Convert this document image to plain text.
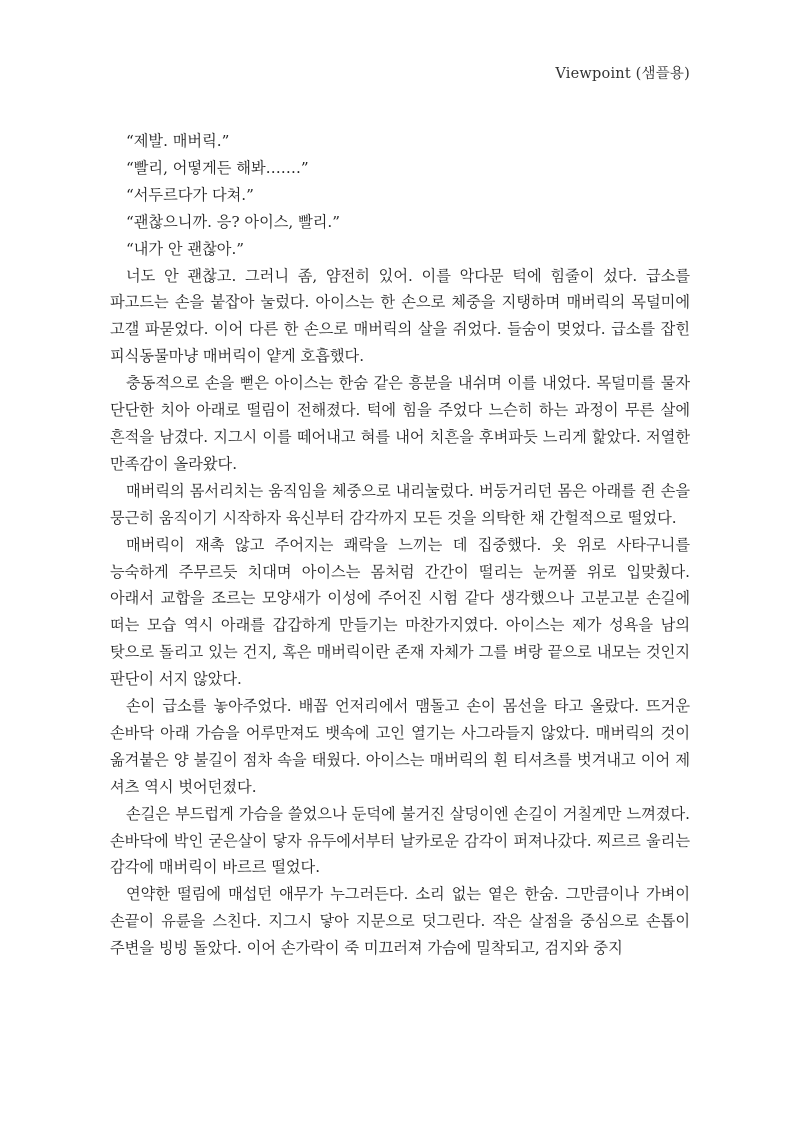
Viewpoint (샘플용)

“제발. 매버릭.”

“빨리, 어떻게든 해봐…….”

“서두르다가 다쳐.”

“괜찮으니까. 응? 아이스, 빨리.”

“내가 안 괜찮아.”

너도 안 괜찮고. 그러니 좀, 얌전히 있어. 이를 악다문 턱에 힘줄이 섰다. 급소를 파고드는 손을 붙잡아 눌렀다. 아이스는 한 손으로 체중을 지탱하며 매버릭의 목덜미에 고갤 파묻었다. 이어 다른 한 손으로 매버릭의 살을 쥐었다. 들숨이 멎었다. 급소를 잡힌 피식동물마냥 매버릭이 얕게 호흡했다.

충동적으로 손을 뻗은 아이스는 한숨 같은 흥분을 내쉬며 이를 내었다. 목덜미를 물자 단단한 치아 아래로 떨림이 전해졌다. 턱에 힘을 주었다 느슨히 하는 과정이 무른 살에 흔적을 남겼다. 지그시 이를 떼어내고 혀를 내어 치흔을 후벼파듯 느리게 핥았다. 저열한 만족감이 올라왔다.

매버릭의 몸서리치는 움직임을 체중으로 내리눌렀다. 버둥거리던 몸은 아래를 쥔 손을 뭉근히 움직이기 시작하자 육신부터 감각까지 모든 것을 의탁한 채 간헐적으로 떨었다.

매버릭이 재촉 않고 주어지는 쾌락을 느끼는 데 집중했다. 옷 위로 사타구니를 능숙하게 주무르듯 치대며 아이스는 몸처럼 간간이 떨리는 눈꺼풀 위로 입맞췄다. 아래서 교합을 조르는 모양새가 이성에 주어진 시험 같다 생각했으나 고분고분 손길에 떠는 모습 역시 아래를 갑갑하게 만들기는 마찬가지였다. 아이스는 제가 성욕을 남의 탓으로 돌리고 있는 건지, 혹은 매버릭이란 존재 자체가 그를 벼랑 끝으로 내모는 것인지 판단이 서지 않았다.

손이 급소를 놓아주었다. 배꼽 언저리에서 맴돌고 손이 몸선을 타고 올랐다. 뜨거운 손바닥 아래 가슴을 어루만져도 뱃속에 고인 열기는 사그라들지 않았다. 매버릭의 것이 옮겨붙은 양 불길이 점차 속을 태웠다. 아이스는 매버릭의 흰 티셔츠를 벗겨내고 이어 제 셔츠 역시 벗어던졌다.

손길은 부드럽게 가슴을 쓸었으나 둔덕에 불거진 살덩이엔 손길이 거칠게만 느껴졌다. 손바닥에 박인 굳은살이 닿자 유두에서부터 날카로운 감각이 퍼져나갔다. 찌르르 울리는 감각에 매버릭이 바르르 떨었다.

연약한 떨림에 매섭던 애무가 누그러든다. 소리 없는 옅은 한숨. 그만큼이나 가벼이 손끝이 유륜을 스친다. 지그시 닿아 지문으로 덧그린다. 작은 살점을 중심으로 손톱이 주변을 빙빙 돌았다. 이어 손가락이 죽 미끄러져 가슴에 밀착되고, 검지와 중지
